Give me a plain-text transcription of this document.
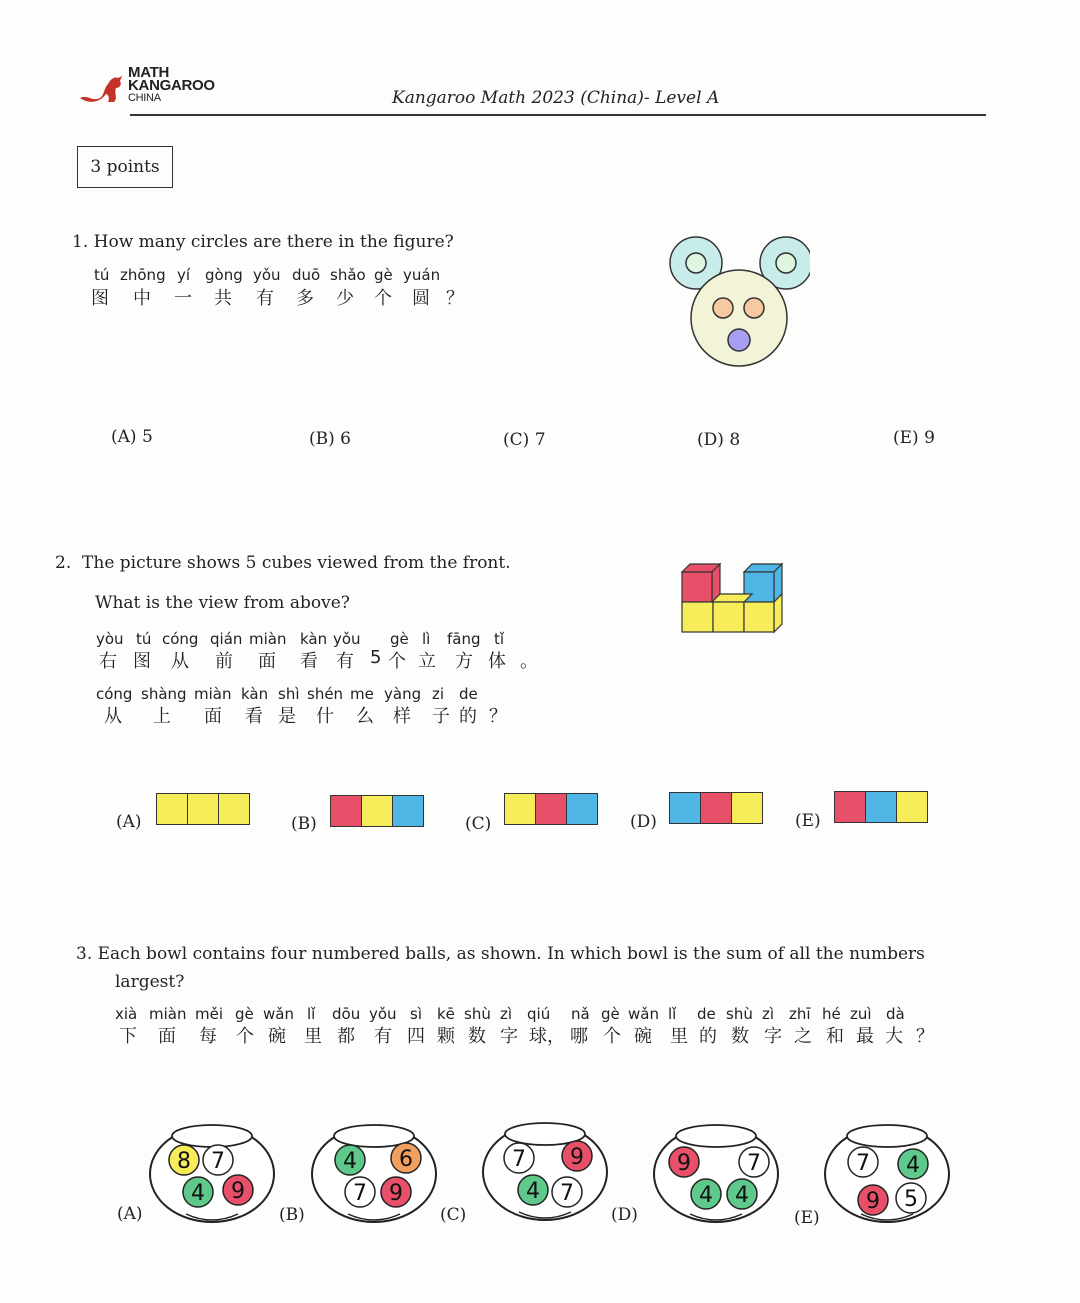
MATH
KANGAROO
CHINA	Kangaroo Math 2023 (China)- Level A
3 points
1. How many circles are there in the figure?
tú zhōng yí gòng yǒu duō shǎo gè yuán
图 中 一 共 有 多 少 个 圆 ？
(A) 5	(B) 6	(C) 7	(D) 8	(E) 9
2. The picture shows 5 cubes viewed from the front.
What is the view from above?
yòu tú cóng qián miàn kàn yǒu gè lì fāng tǐ
右 图 从 前 面 看 有 5 个 立 方 体 。
cóng shàng miàn kàn shì shén me yàng zi de
从 上 面 看 是 什 么 样 子 的 ？
(A)	(B)	(C)	(D)	(E)
3. Each bowl contains four numbered balls, as shown. In which bowl is the sum of all the numbers
largest?
xià miàn měi gè wǎn lǐ dōu yǒu sì kē shù zì qiú nǎ gè wǎn lǐ de shù zì zhī hé zuì dà
下 面 每 个 碗 里 都 有 四 颗 数 字 球， 哪 个 碗 里 的 数 字 之 和 最 大 ？
(A)
8 7
4 9
(B)
4 6
7 9
(C)
7 9
4 7
(D)
9	7
4 4
(E)
7 4
9 5
